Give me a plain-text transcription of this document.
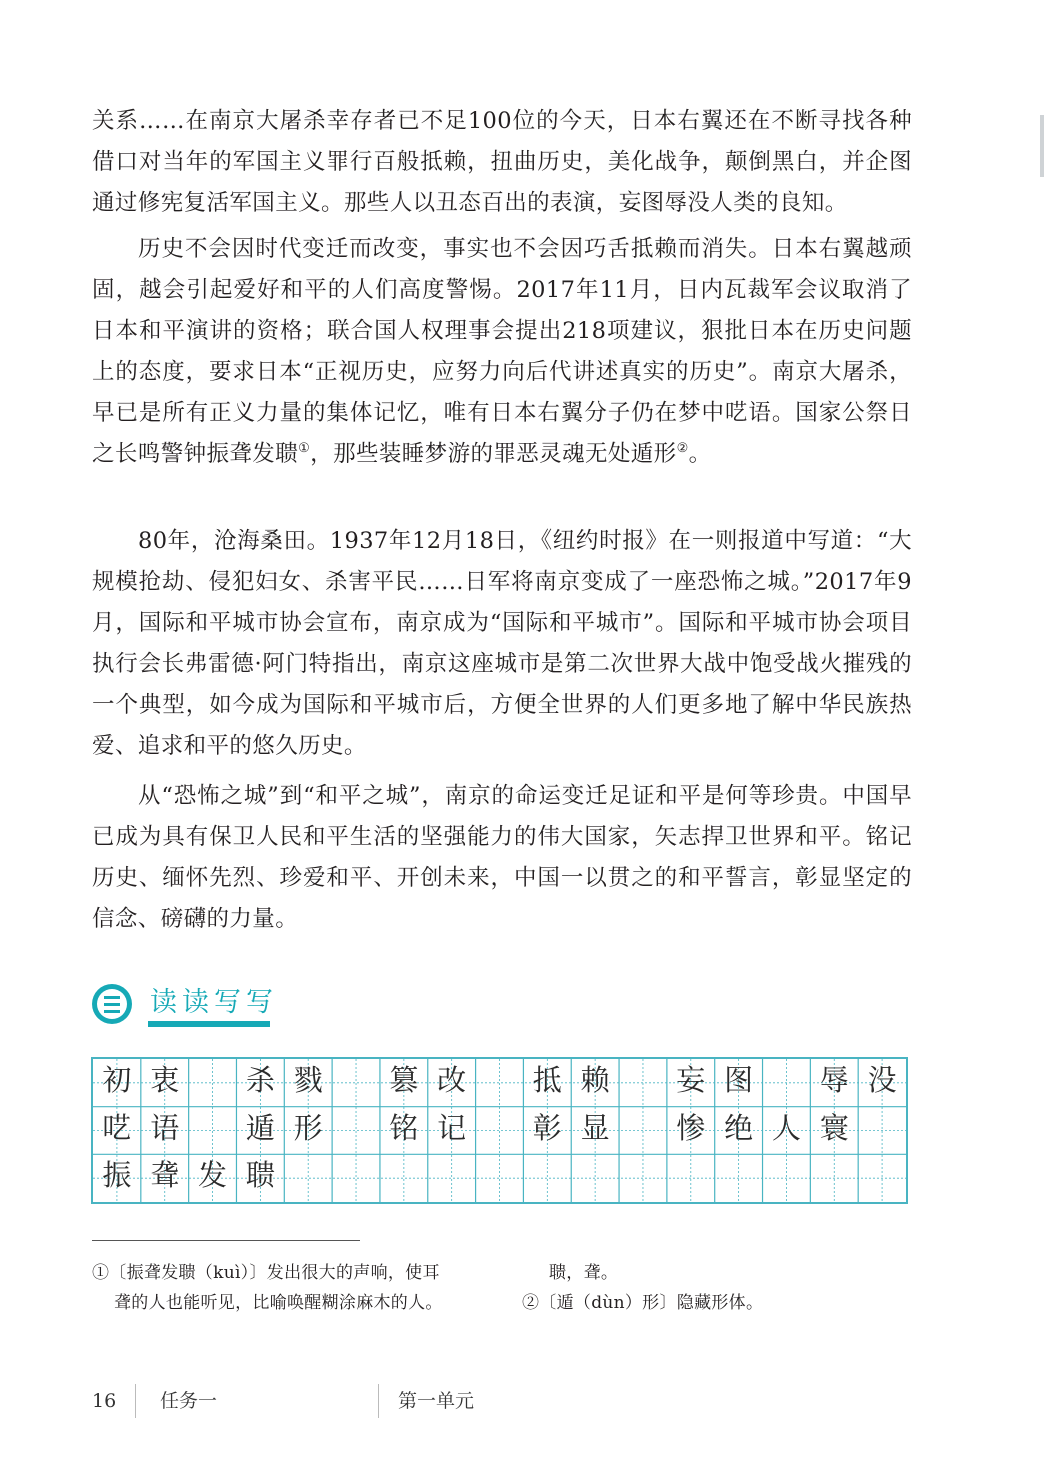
关系……在南京大屠杀幸存者已不足100位的今天，日本右翼还在不断寻找各种借口对当年的军国主义罪行百般抵赖，扭曲历史，美化战争，颠倒黑白，并企图通过修宪复活军国主义。那些人以丑态百出的表演，妄图辱没人类的良知。

历史不会因时代变迁而改变，事实也不会因巧舌抵赖而消失。日本右翼越顽固，越会引起爱好和平的人们高度警惕。2017年11月，日内瓦裁军会议取消了日本和平演讲的资格；联合国人权理事会提出218项建议，狠批日本在历史问题上的态度，要求日本“正视历史，应努力向后代讲述真实的历史”。南京大屠杀，早已是所有正义力量的集体记忆，唯有日本右翼分子仍在梦中呓语。国家公祭日之长鸣警钟振聋发聩①，那些装睡梦游的罪恶灵魂无处遁形②。

80年，沧海桑田。1937年12月18日，《纽约时报》在一则报道中写道：“大规模抢劫、侵犯妇女、杀害平民……日军将南京变成了一座恐怖之城。”2017年9月，国际和平城市协会宣布，南京成为“国际和平城市”。国际和平城市协会项目执行会长弗雷德·阿门特指出，南京这座城市是第二次世界大战中饱受战火摧残的一个典型，如今成为国际和平城市后，方便全世界的人们更多地了解中华民族热爱、追求和平的悠久历史。

从“恐怖之城”到“和平之城”，南京的命运变迁足证和平是何等珍贵。中国早已成为具有保卫人民和平生活的坚强能力的伟大国家，矢志捍卫世界和平。铭记历史、缅怀先烈、珍爱和平、开创未来，中国一以贯之的和平誓言，彰显坚定的信念、磅礴的力量。

读读写写
初 衷	杀 戮	篡 改	抵 赖	妄 图	辱 没
呓 语	遁 形	铭 记	彰 显	惨 绝 人 寰
振 聋 发 聩
①〔振聋发聩（kuì）〕发出很大的声响，使耳
聋的人也能听见，比喻唤醒糊涂麻木的人。
聩，聋。
②〔遁（dùn）形〕隐藏形体。
16 任务一	第一单元
